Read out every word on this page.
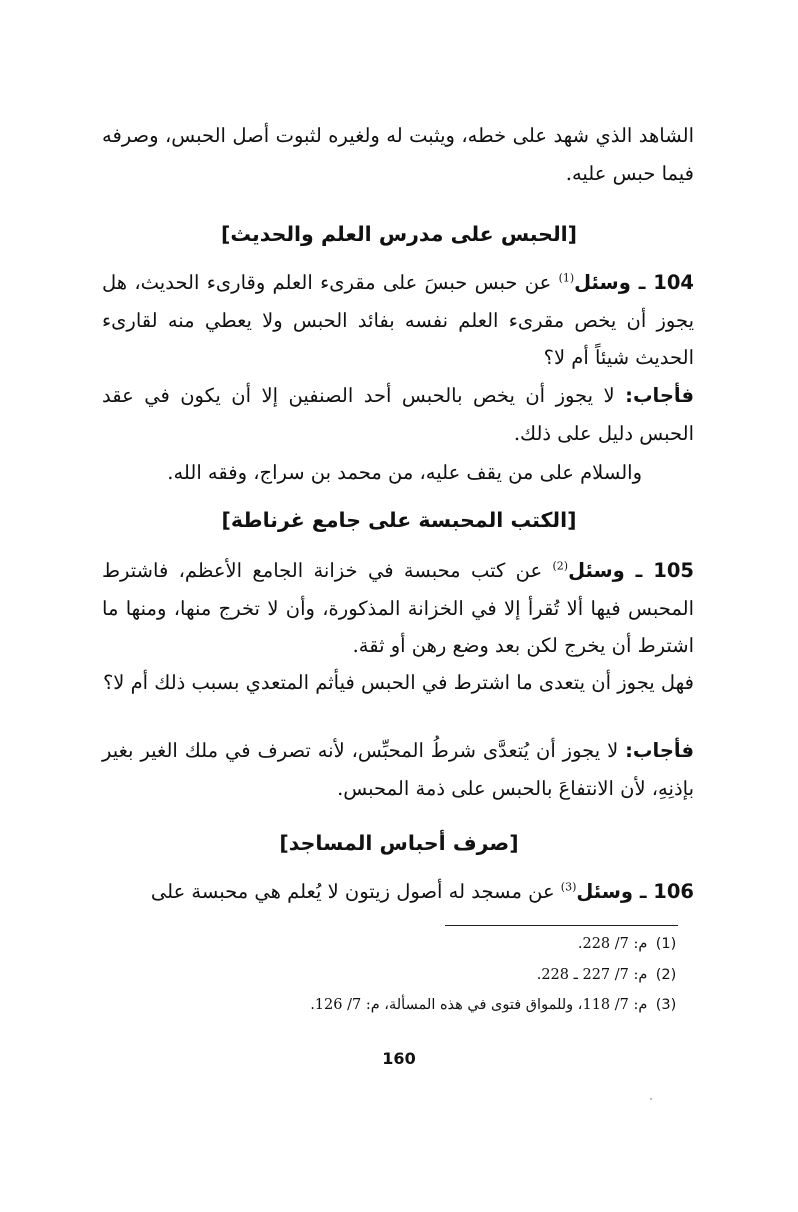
الشاهد الذي شهد على خطه، ويثبت له ولغيره لثبوت أصل الحبس، وصرفه فيما حبس عليه.
[الحبس على مدرس العلم والحديث]
104 ـ وسئل$^{(1)}$ عن حبس حبسَ على مقرىء العلم وقارىء الحديث، هل يجوز أن يخص مقرىء العلم نفسه بفائد الحبس ولا يعطي منه لقارىء الحديث شيئاً أم لا؟
فأجاب: لا يجوز أن يخص بالحبس أحد الصنفين إلا أن يكون في عقد الحبس دليل على ذلك.
والسلام على من يقف عليه، من محمد بن سراج، وفقه الله.
[الكتب المحبسة على جامع غرناطة]
105 ـ وسئل$^{(2)}$ عن كتب محبسة في خزانة الجامع الأعظم، فاشترط المحبس فيها ألا تُقرأ إلا في الخزانة المذكورة، وأن لا تخرج منها، ومنها ما اشترط أن يخرج لكن بعد وضع رهن أو ثقة.
فهل يجوز أن يتعدى ما اشترط في الحبس فيأثم المتعدي بسبب ذلك أم لا؟
فأجاب: لا يجوز أن يُتعدَّى شرطُ المحبِّس، لأنه تصرف في ملك الغير بغير بإذنِهِ، لأن الانتفاعَ بالحبس على ذمة المحبس.
[صرف أحباس المساجد]
106 ـ وسئل$^{(3)}$ عن مسجد له أصول زيتون لا يُعلم هي محبسة على
(1) م: 7/ 228.
(2) م: 7/ 227 ـ 228.
(3) م: 7/ 118، وللمواق فتوى في هذه المسألة، م: 7/ 126.
160
